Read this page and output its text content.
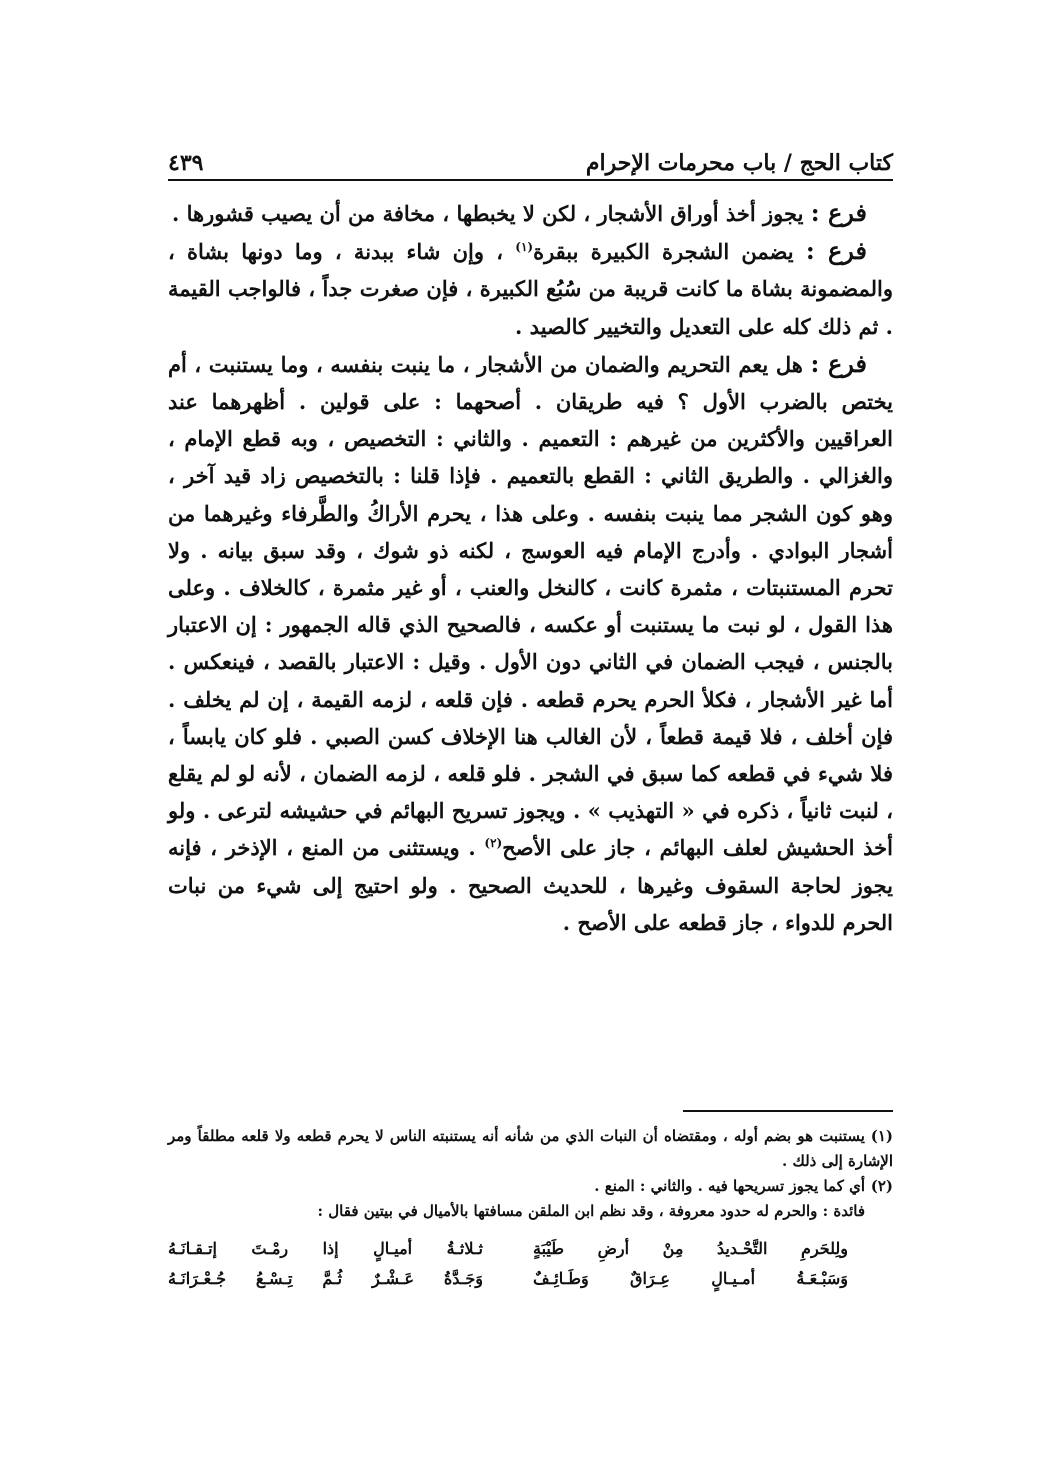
كتاب الحج / باب محرمات الإحرام
٤٣٩

فرع : يجوز أخذ أوراق الأشجار ، لكن لا يخبطها ، مخافة من أن يصيب قشورها .

فرع : يضمن الشجرة الكبيرة ببقرة$^{(١)}$ ، وإن شاء ببدنة ، وما دونها بشاة ، والمضمونة بشاة ما كانت قريبة من سُبُع الكبيرة ، فإن صغرت جداً ، فالواجب القيمة . ثم ذلك كله على التعديل والتخيير كالصيد .

فرع : هل يعم التحريم والضمان من الأشجار ، ما ينبت بنفسه ، وما يستنبت ، أم يختص بالضرب الأول ؟ فيه طريقان . أصحهما : على قولين . أظهرهما عند العراقيين والأكثرين من غيرهم : التعميم . والثاني : التخصيص ، وبه قطع الإمام ، والغزالي . والطريق الثاني : القطع بالتعميم . فإذا قلنا : بالتخصيص زاد قيد آخر ، وهو كون الشجر مما ينبت بنفسه . وعلى هذا ، يحرم الأراكُ والطَّرفاء وغيرهما من أشجار البوادي . وأدرج الإمام فيه العوسج ، لكنه ذو شوك ، وقد سبق بيانه . ولا تحرم المستنبتات ، مثمرة كانت ، كالنخل والعنب ، أو غير مثمرة ، كالخلاف . وعلى هذا القول ، لو نبت ما يستنبت أو عكسه ، فالصحيح الذي قاله الجمهور : إن الاعتبار بالجنس ، فيجب الضمان في الثاني دون الأول . وقيل : الاعتبار بالقصد ، فينعكس . أما غير الأشجار ، فكلأ الحرم يحرم قطعه . فإن قلعه ، لزمه القيمة ، إن لم يخلف . فإن أخلف ، فلا قيمة قطعاً ، لأن الغالب هنا الإخلاف كسن الصبي . فلو كان يابساً ، فلا شيء في قطعه كما سبق في الشجر . فلو قلعه ، لزمه الضمان ، لأنه لو لم يقلع ، لنبت ثانياً ، ذكره في « التهذيب » . ويجوز تسريح البهائم في حشيشه لترعى . ولو أخذ الحشيش لعلف البهائم ، جاز على الأصح$^{(٢)}$ . ويستثنى من المنع ، الإذخر ، فإنه يجوز لحاجة السقوف وغيرها ، للحديث الصحيح . ولو احتيج إلى شيء من نبات الحرم للدواء ، جاز قطعه على الأصح .

(١)يستنبت هو بضم أوله ، ومقتضاه أن النبات الذي من شأنه أنه يستنبته الناس لا يحرم قطعه ولا قلعه مطلقاً ومر الإشارة إلى ذلك .

(٢)أي كما يجوز تسريحها فيه . والثاني : المنع .

فائدة : والحرم له حدود معروفة ، وقد نظم ابن الملقن مسافتها بالأميال في بيتين فقال :

ولِلحَرمِ التَّحْـديدُ مِنْ أرضِ طَيْبَةٍ
ثـلاثـةُ أميـالٍ إذا رمْـتَ إتـقـانَـهُ
وَسَبْـعَـةُ أمـيـالٍ عِـرَاقٌ وَطَـائِـفٌ
وَجَـدَّةُ عَـشْـرٌ ثُـمَّ تِـسْـعُ جُـعْـرَانَـهُ
